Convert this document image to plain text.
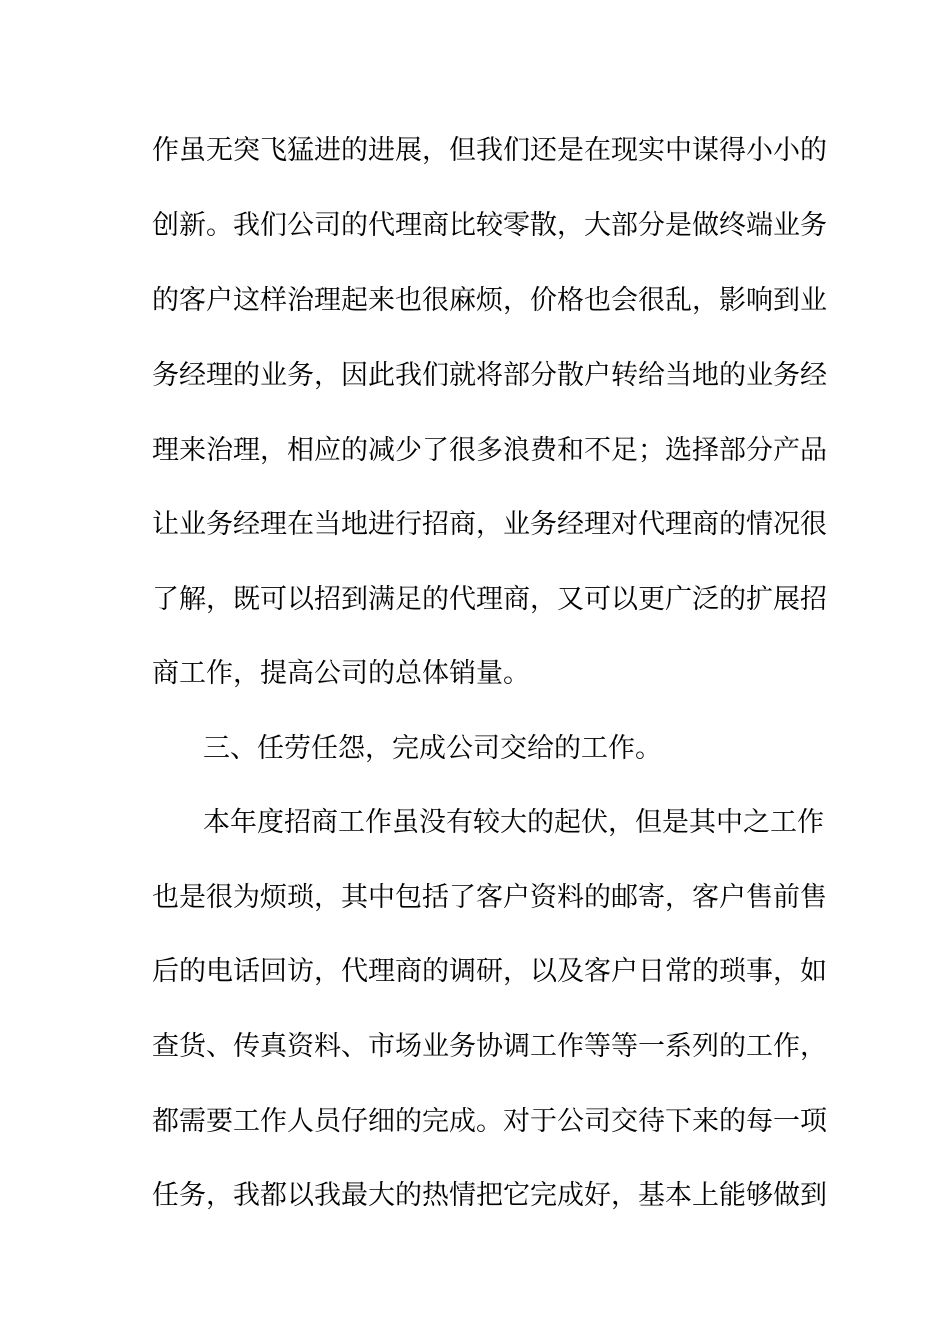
作虽无突飞猛进的进展，但我们还是在现实中谋得小小的
创新。我们公司的代理商比较零散，大部分是做终端业务
的客户这样治理起来也很麻烦，价格也会很乱，影响到业
务经理的业务，因此我们就将部分散户转给当地的业务经
理来治理，相应的减少了很多浪费和不足；选择部分产品
让业务经理在当地进行招商，业务经理对代理商的情况很
了解，既可以招到满足的代理商，又可以更广泛的扩展招
商工作，提高公司的总体销量。
三、任劳任怨，完成公司交给的工作。
本年度招商工作虽没有较大的起伏，但是其中之工作
也是很为烦琐，其中包括了客户资料的邮寄，客户售前售
后的电话回访，代理商的调研，以及客户日常的琐事，如
查货、传真资料、市场业务协调工作等等一系列的工作，
都需要工作人员仔细的完成。对于公司交待下来的每一项
任务，我都以我最大的热情把它完成好，基本上能够做到
